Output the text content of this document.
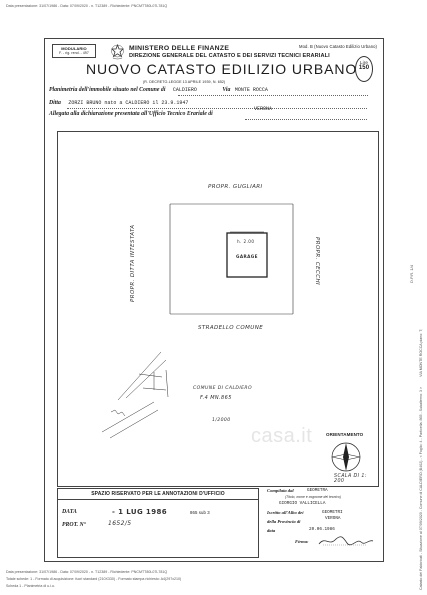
Data presentazione: 31/07/1986 - Data: 07/09/2020 - n. T12389 - Richiedente: PNCMTT80L07L781Q
Catasto dei Fabbricati - Situazione al 07/09/2020 - Comune di CALDIERO (B402) - < Foglio: 4 - Particella: 865 - Subalterno: 3 > VIA MONTE ROCCA piano: T;
D.P.R. 1/4
MODULARIO
F. - rig. rend. - 497
MINISTERO DELLE FINANZE
DIREZIONE GENERALE DEL CATASTO E DEI SERVIZI TECNICI ERARIALI
Mod. B (Nuovo Catasto Edilizio Urbano)
NUOVO CATASTO EDILIZIO URBANO Lire
150
(R. DECRETO-LEGGE 13 APRILE 1939, N. 652)
Planimetria dell'immobile situato nel Comune di CALDIERO	Via MONTE ROCCA
Ditta ZORZI BRUNO nato a CALDIERO il 23.9.1947
Allegata alla dichiarazione presentata all'Ufficio Tecnico Erariale di
VERONA
PROPR. GUGLIARI
PROPR. DITTA INTESTATA	PROPR. CECCHI
h. 2.00
GARAGE
STRADELLO COMUNE
COMUNE DI CALDIERO
F.4 MN.865
1/2000
casa.it	ORIENTAMENTO
SCALA DI 1: 200
SPAZIO RISERVATO PER LE ANNOTAZIONI D'UFFICIO
DATA	- 1 LUG 1986	865 sub 3
PROT. N°	1652/5
Compilata dal	GEOMETRA
(Titolo, nome e cognome del tecnico)
GIORGIO VALLICELLA
Iscritto all'Albo dei	GEOMETRI
della Provincia di
VERONA
data	20.06.1986
Firma:
Data presentazione: 31/07/1986 - Data: 07/09/2020 - n. T12389 - Richiedente: PNCMTT80L07L781Q
Totale schede: 1 - Formato di acquisizione: fuori standard (210X330) - Formato stampa richiesto: A4(297x210)
Scheda 1 - Planimetria di u.i.u.
